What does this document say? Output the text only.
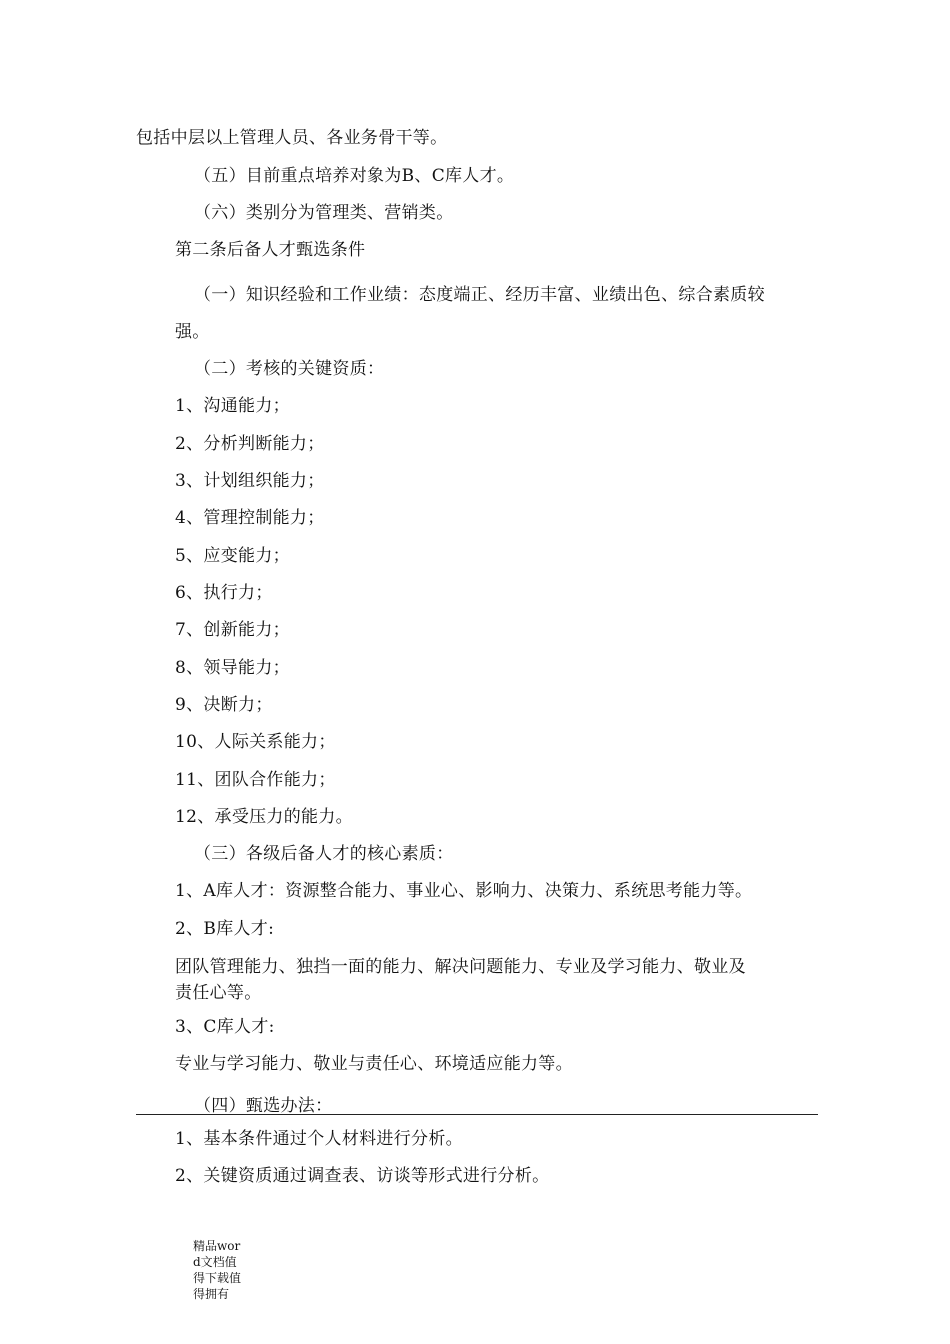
包括中层以上管理人员、各业务骨干等。
（五）目前重点培养对象为B、C库人才。
（六）类别分为管理类、营销类。
第二条后备人才甄选条件
（一）知识经验和工作业绩：态度端正、经历丰富、业绩出色、综合素质较
强。
（二）考核的关键资质：
1、沟通能力；
2、分析判断能力；
3、计划组织能力；
4、管理控制能力；
5、应变能力；
6、执行力；
7、创新能力；
8、领导能力；
9、决断力；
10、人际关系能力；
11、团队合作能力；
12、承受压力的能力。
（三）各级后备人才的核心素质：
1、A库人才：资源整合能力、事业心、影响力、决策力、系统思考能力等。
2、B库人才:
团队管理能力、独挡一面的能力、解决问题能力、专业及学习能力、敬业及
责任心等。
3、C库人才:
专业与学习能力、敬业与责任心、环境适应能力等。
（四）甄选办法：
1、基本条件通过个人材料进行分析。
2、关键资质通过调查表、访谈等形式进行分析。
精品word文档值得下载值得拥有
